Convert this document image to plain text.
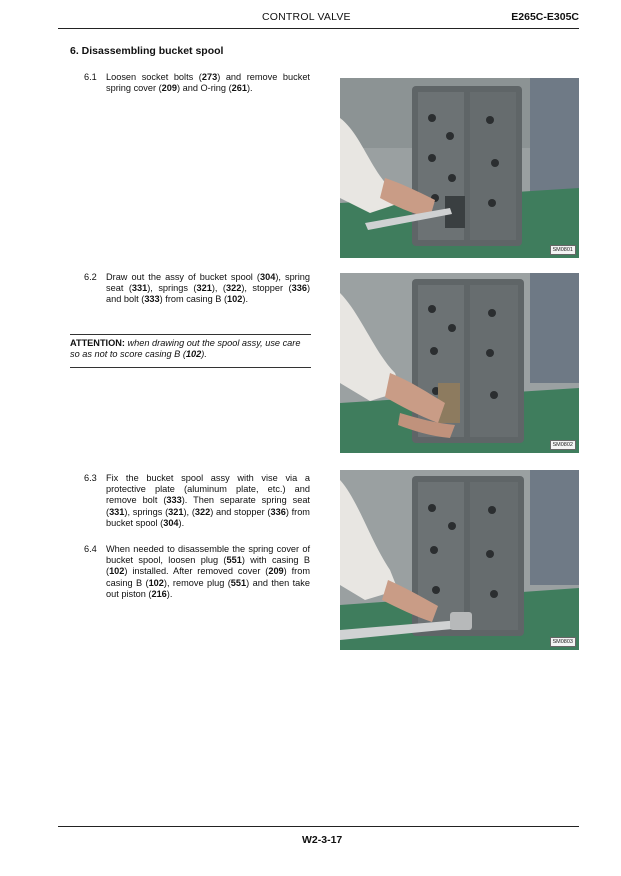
CONTROL VALVE	E265C-E305C
6. Disassembling bucket spool
6.1 Loosen socket bolts (273) and remove bucket spring cover (209) and O-ring (261).
6.2 Draw out the assy of bucket spool (304), spring seat (331), springs (321), (322), stopper (336) and bolt (333) from casing B (102).
ATTENTION: when drawing out the spool assy, use care so as not to score casing B (102).
6.3 Fix the bucket spool assy with vise via a protective plate (aluminum plate, etc.) and remove bolt (333). Then separate spring seat (331), springs (321), (322) and stopper (336) from bucket spool (304).
6.4 When needed to disassemble the spring cover of bucket spool, loosen plug (551) with casing B (102) installed. After removed cover (209) from casing B (102), remove plug (551) and then take out piston (216).
SM0801
SM0802
SM0803
W2-3-17
